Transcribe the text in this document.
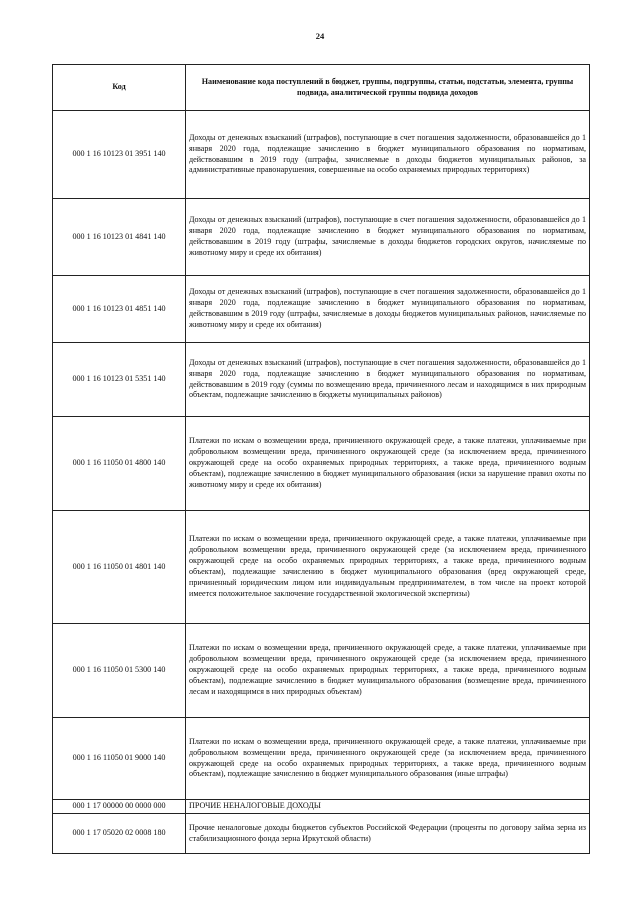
24
Код	Наименование кода поступлений в бюджет, группы, подгруппы, статьи, подстатьи, элемента, группы подвида, аналитической группы подвида доходов
000 1 16 10123 01 3951 140	Доходы от денежных взысканий (штрафов), поступающие в счет погашения задолженности, образовавшейся до 1 января 2020 года, подлежащие зачислению в бюджет муниципального образования по нормативам, действовавшим в 2019 году (штрафы, зачисляемые в доходы бюджетов муниципальных районов, за административные правонарушения, совершенные на особо охраняемых природных территориях)
000 1 16 10123 01 4841 140	Доходы от денежных взысканий (штрафов), поступающие в счет погашения задолженности, образовавшейся до 1 января 2020 года, подлежащие зачислению в бюджет муниципального образования по нормативам, действовавшим в 2019 году (штрафы, зачисляемые в доходы бюджетов городских округов, начисляемые по животному миру и среде их обитания)
000 1 16 10123 01 4851 140	Доходы от денежных взысканий (штрафов), поступающие в счет погашения задолженности, образовавшейся до 1 января 2020 года, подлежащие зачислению в бюджет муниципального образования по нормативам, действовавшим в 2019 году (штрафы, зачисляемые в доходы бюджетов муниципальных районов, начисляемые по животному миру и среде их обитания)
000 1 16 10123 01 5351 140	Доходы от денежных взысканий (штрафов), поступающие в счет погашения задолженности, образовавшейся до 1 января 2020 года, подлежащие зачислению в бюджет муниципального образования по нормативам, действовавшим в 2019 году (суммы по возмещению вреда, причиненного лесам и находящимся в них природным объектам, подлежащие зачислению в бюджеты муниципальных районов)
000 1 16 11050 01 4800 140	Платежи по искам о возмещении вреда, причиненного окружающей среде, а также платежи, уплачиваемые при добровольном возмещении вреда, причиненного окружающей среде (за исключением вреда, причиненного окружающей среде на особо охраняемых природных территориях, а также вреда, причиненного водным объектам), подлежащие зачислению в бюджет муниципального образования (иски за нарушение правил охоты по животному миру и среде их обитания)
000 1 16 11050 01 4801 140	Платежи по искам о возмещении вреда, причиненного окружающей среде, а также платежи, уплачиваемые при добровольном возмещении вреда, причиненного окружающей среде (за исключением вреда, причиненного окружающей среде на особо охраняемых природных территориях, а также вреда, причиненного водным объектам), подлежащие зачислению в бюджет муниципального образования (вред окружающей среде, причиненный юридическим лицом или индивидуальным предпринимателем, в том числе на проект которой имеется положительное заключение государственной экологической экспертизы)
000 1 16 11050 01 5300 140	Платежи по искам о возмещении вреда, причиненного окружающей среде, а также платежи, уплачиваемые при добровольном возмещении вреда, причиненного окружающей среде (за исключением вреда, причиненного окружающей среде на особо охраняемых природных территориях, а также вреда, причиненного водным объектам), подлежащие зачислению в бюджет муниципального образования (возмещение вреда, причиненного лесам и находящимся в них природных объектам)
000 1 16 11050 01 9000 140	Платежи по искам о возмещении вреда, причиненного окружающей среде, а также платежи, уплачиваемые при добровольном возмещении вреда, причиненного окружающей среде (за исключением вреда, причиненного окружающей среде на особо охраняемых природных территориях, а также вреда, причиненного водным объектам), подлежащие зачислению в бюджет муниципального образования (иные штрафы)
000 1 17 00000 00 0000 000	ПРОЧИЕ НЕНАЛОГОВЫЕ ДОХОДЫ
000 1 17 05020 02 0008 180	Прочие неналоговые доходы бюджетов субъектов Российской Федерации (проценты по договору займа зерна из стабилизационного фонда зерна Иркутской области)
